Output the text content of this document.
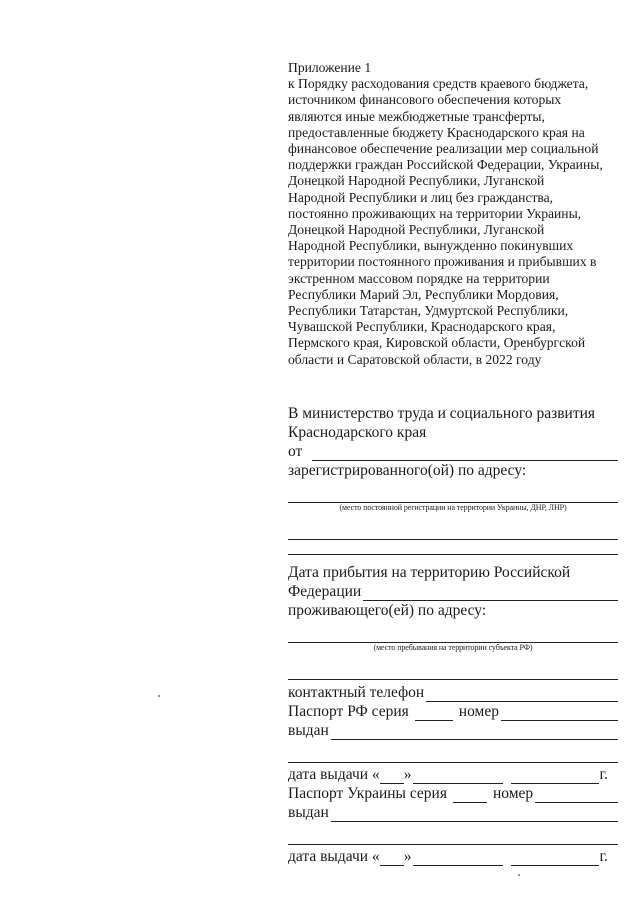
Приложение 1
к Порядку расходования средств краевого бюджета,
источником финансового обеспечения которых
являются иные межбюджетные трансферты,
предоставленные бюджету Краснодарского края на
финансовое обеспечение реализации мер социальной
поддержки граждан Российской Федерации, Украины,
Донецкой Народной Республики, Луганской
Народной Республики и лиц без гражданства,
постоянно проживающих на территории Украины,
Донецкой Народной Республики, Луганской
Народной Республики, вынужденно покинувших
территории постоянного проживания и прибывших в
экстренном массовом порядке на территории
Республики Марий Эл, Республики Мордовия,
Республики Татарстан, Удмуртской Республики,
Чувашской Республики, Краснодарского края,
Пермского края, Кировской области, Оренбургской
области и Саратовской области, в 2022 году
В министерство труда и социального развития
Краснодарского края
от
зарегистрированного(ой) по адресу:
(место постоянной регистрации на территории Украины, ДНР, ЛНР)
Дата прибытия на территорию Российской
Федерации
проживающего(ей) по адресу:
(место пребывания на территории субъекта РФ)
контактный телефон
Паспорт РФ серия	номер
выдан
дата выдачи « »	г.
Паспорт Украины серия	номер
выдан
дата выдачи « »	г.
